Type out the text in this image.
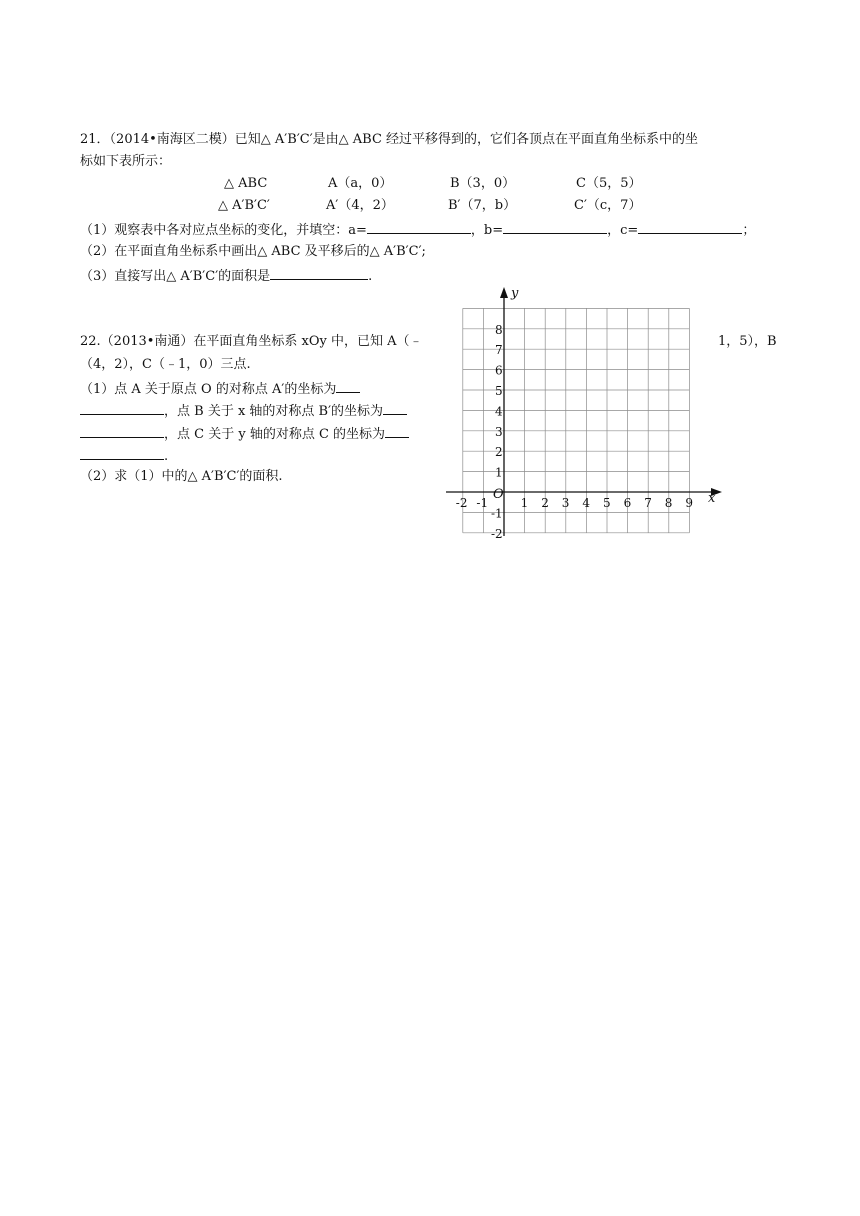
21．（2014•南海区二模）已知△ A′B′C′是由△ ABC 经过平移得到的，它们各顶点在平面直角坐标系中的坐
标如下表所示：
△ ABC	A（a，0）	B（3，0）	C（5，5）
△ A′B′C′	A′（4，2）	B′（7，b）	C′（c，7）
（1）观察表中各对应点坐标的变化，并填空：a=	，b=	，c=	；
（2）在平面直角坐标系中画出△ ABC 及平移后的△ A′B′C′;
（3）直接写出△ A′B′C′的面积是	.
22.（2013•南通）在平面直角坐标系 xOy 中，已知 A（﹣	1，5），B
（4，2），C（﹣1，0）三点.
（1）点 A 关于原点 O 的对称点 A′的坐标为
，点 B 关于 x 轴的对称点 B′的坐标为
，点 C 关于 y 轴的对称点 C 的坐标为
.
（2）求（1）中的△ A′B′C′的面积.
x
y
O
-2 -1	1 2 3 4 5 6 7 8 9
8
7
6
5
4
3
2
1
-1
-2
